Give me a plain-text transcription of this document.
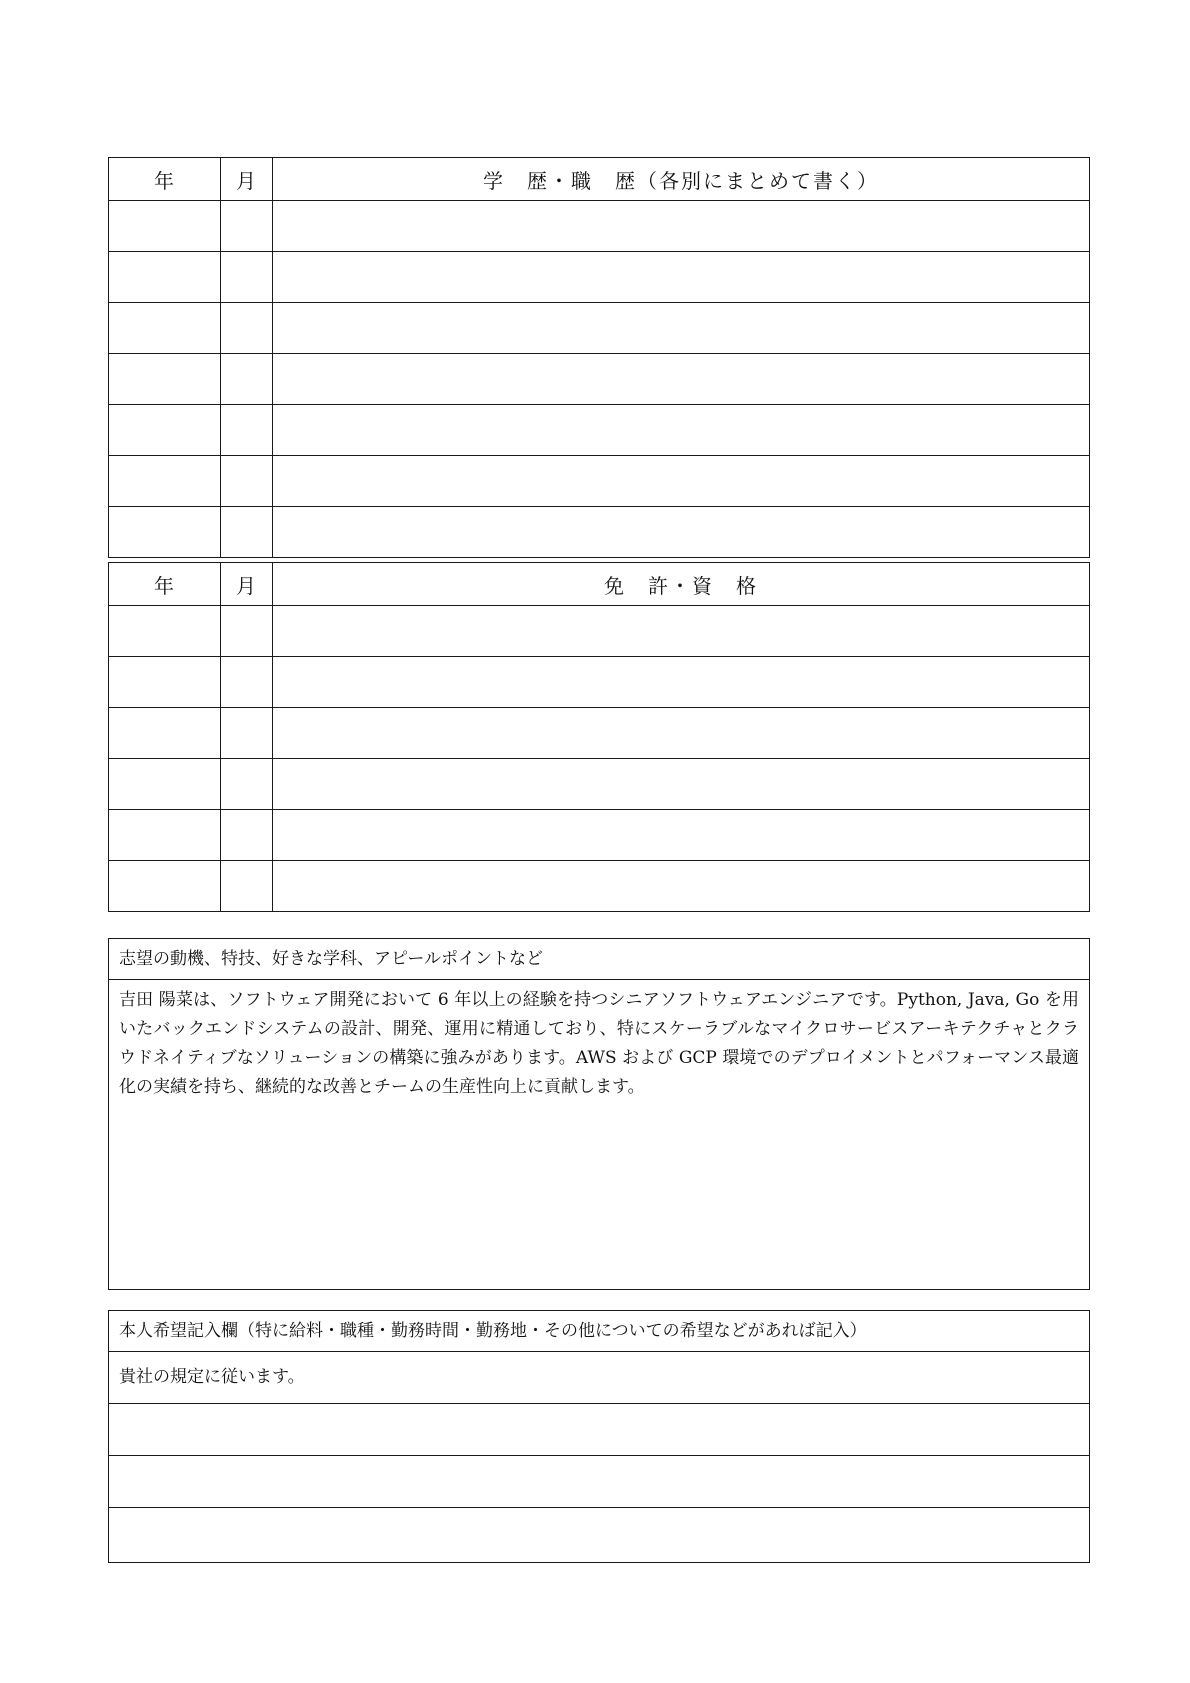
年	月	学　歴・職　歴（各別にまとめて書く）

年	月	免　許・資　格

志望の動機、特技、好きな学科、アピールポイントなど
吉田 陽菜は、ソフトウェア開発において 6 年以上の経験を持つシニアソフトウェアエンジニアです。Python, Java, Go を用いたバックエンドシステムの設計、開発、運用に精通しており、特にスケーラブルなマイクロサービスアーキテクチャとクラウドネイティブなソリューションの構築に強みがあります。AWS および GCP 環境でのデプロイメントとパフォーマンス最適化の実績を持ち、継続的な改善とチームの生産性向上に貢献します。
本人希望記入欄（特に給料・職種・勤務時間・勤務地・その他についての希望などがあれば記入）
貴社の規定に従います。
